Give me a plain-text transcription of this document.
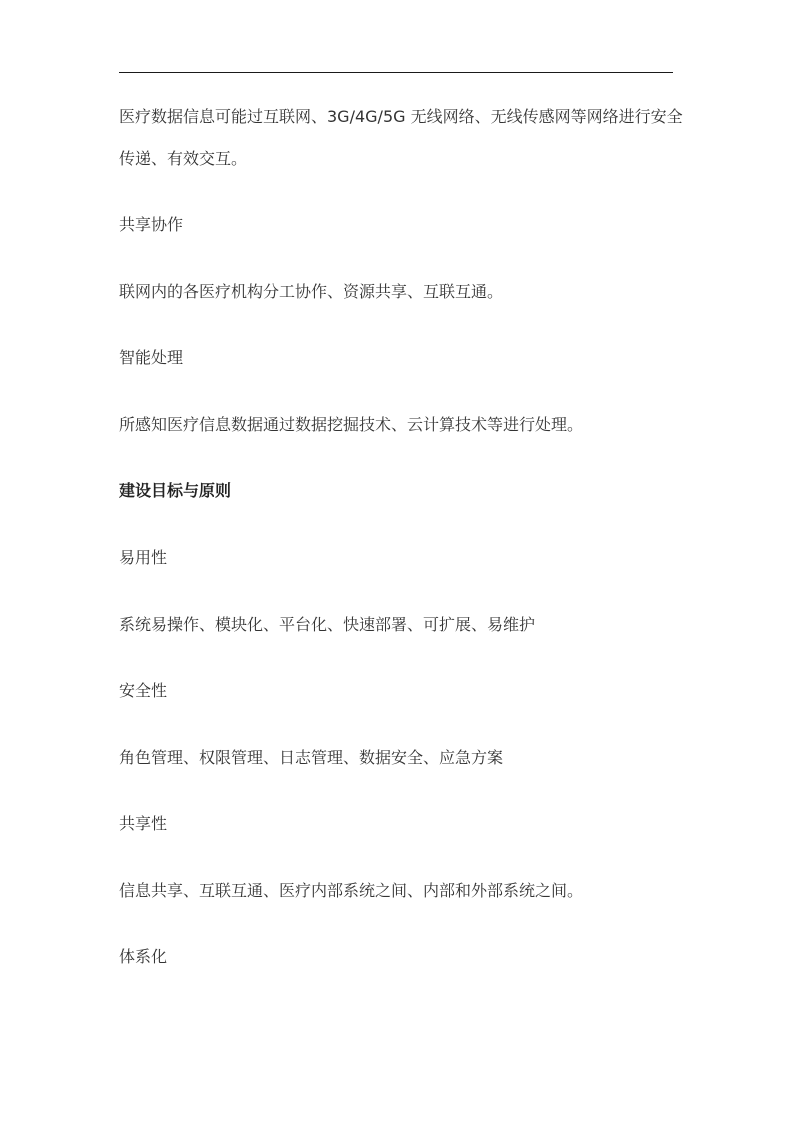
医疗数据信息可能过互联网、3G/4G/5G 无线网络、无线传感网等网络进行安全
传递、有效交互。
共享协作
联网内的各医疗机构分工协作、资源共享、互联互通。
智能处理
所感知医疗信息数据通过数据挖掘技术、云计算技术等进行处理。
建设目标与原则
易用性
系统易操作、模块化、平台化、快速部署、可扩展、易维护
安全性
角色管理、权限管理、日志管理、数据安全、应急方案
共享性
信息共享、互联互通、医疗内部系统之间、内部和外部系统之间。
体系化
